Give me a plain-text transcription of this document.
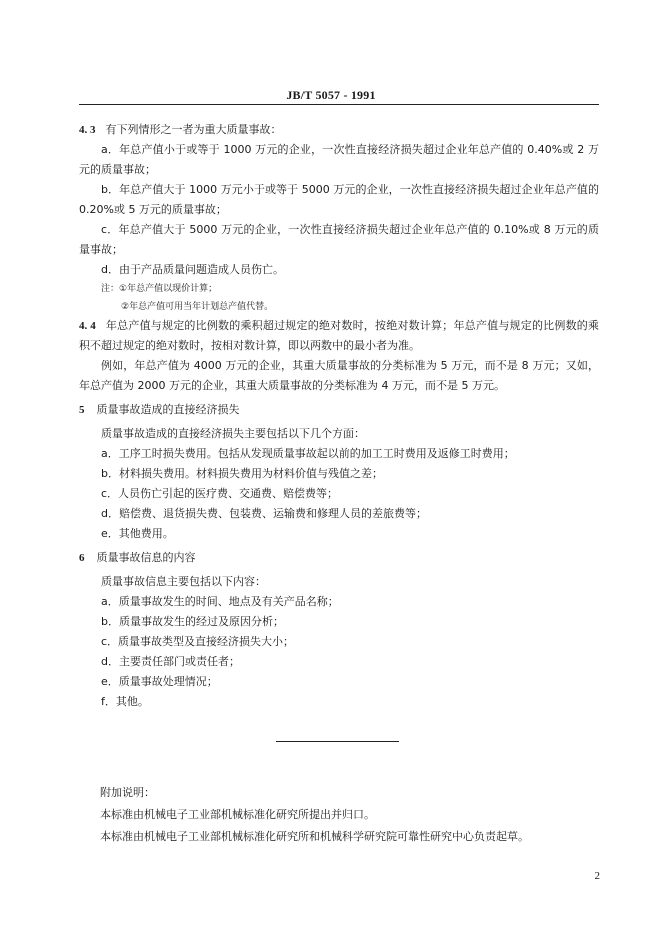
JB/T 5057 - 1991

4. 3 有下列情形之一者为重大质量事故：

a．年总产值小于或等于 1000 万元的企业，一次性直接经济损失超过企业年总产值的 0.40%或 2 万元的质量事故；

b．年总产值大于 1000 万元小于或等于 5000 万元的企业，一次性直接经济损失超过企业年总产值的 0.20%或 5 万元的质量事故；

c．年总产值大于 5000 万元的企业，一次性直接经济损失超过企业年总产值的 0.10%或 8 万元的质量事故；

d．由于产品质量问题造成人员伤亡。

注：①年总产值以现价计算；

②年总产值可用当年计划总产值代替。

4. 4 年总产值与规定的比例数的乘积超过规定的绝对数时，按绝对数计算；年总产值与规定的比例数的乘积不超过规定的绝对数时，按相对数计算，即以两数中的最小者为准。

例如，年总产值为 4000 万元的企业，其重大质量事故的分类标准为 5 万元，而不是 8 万元；又如，年总产值为 2000 万元的企业，其重大质量事故的分类标准为 4 万元，而不是 5 万元。

5 质量事故造成的直接经济损失

质量事故造成的直接经济损失主要包括以下几个方面：

a．工序工时损失费用。包括从发现质量事故起以前的加工工时费用及返修工时费用；

b．材料损失费用。材料损失费用为材料价值与残值之差；

c．人员伤亡引起的医疗费、交通费、赔偿费等；

d．赔偿费、退货损失费、包装费、运输费和修理人员的差旅费等；

e．其他费用。

6 质量事故信息的内容

质量事故信息主要包括以下内容：

a．质量事故发生的时间、地点及有关产品名称；

b．质量事故发生的经过及原因分析；

c．质量事故类型及直接经济损失大小；

d．主要责任部门或责任者；

e．质量事故处理情况；

f．其他。

附加说明：
本标准由机械电子工业部机械标准化研究所提出并归口。
本标准由机械电子工业部机械标准化研究所和机械科学研究院可靠性研究中心负责起草。
2
